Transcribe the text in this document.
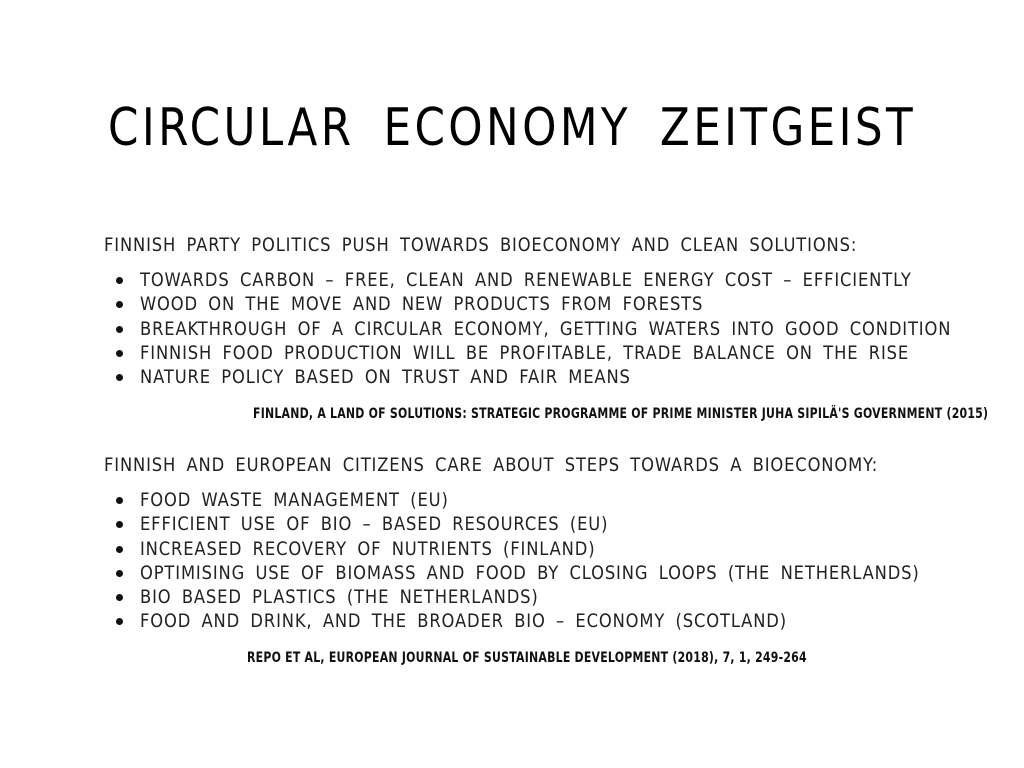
CIRCULAR ECONOMY ZEITGEIST
FINNISH PARTY POLITICS PUSH TOWARDS BIOECONOMY AND CLEAN SOLUTIONS:
TOWARDS CARBON – FREE, CLEAN AND RENEWABLE ENERGY COST – EFFICIENTLY
WOOD ON THE MOVE AND NEW PRODUCTS FROM FORESTS
BREAKTHROUGH OF A CIRCULAR ECONOMY, GETTING WATERS INTO GOOD CONDITION
FINNISH FOOD PRODUCTION WILL BE PROFITABLE, TRADE BALANCE ON THE RISE
NATURE POLICY BASED ON TRUST AND FAIR MEANS
FINLAND, A LAND OF SOLUTIONS: STRATEGIC PROGRAMME OF PRIME MINISTER JUHA SIPILÄ'S GOVERNMENT (2015)
FINNISH AND EUROPEAN CITIZENS CARE ABOUT STEPS TOWARDS A BIOECONOMY:
FOOD WASTE MANAGEMENT (EU)
EFFICIENT USE OF BIO – BASED RESOURCES (EU)
INCREASED RECOVERY OF NUTRIENTS (FINLAND)
OPTIMISING USE OF BIOMASS AND FOOD BY CLOSING LOOPS (THE NETHERLANDS)
BIO BASED PLASTICS (THE NETHERLANDS)
FOOD AND DRINK, AND THE BROADER BIO – ECONOMY (SCOTLAND)
REPO ET AL, EUROPEAN JOURNAL OF SUSTAINABLE DEVELOPMENT (2018), 7, 1, 249-264
